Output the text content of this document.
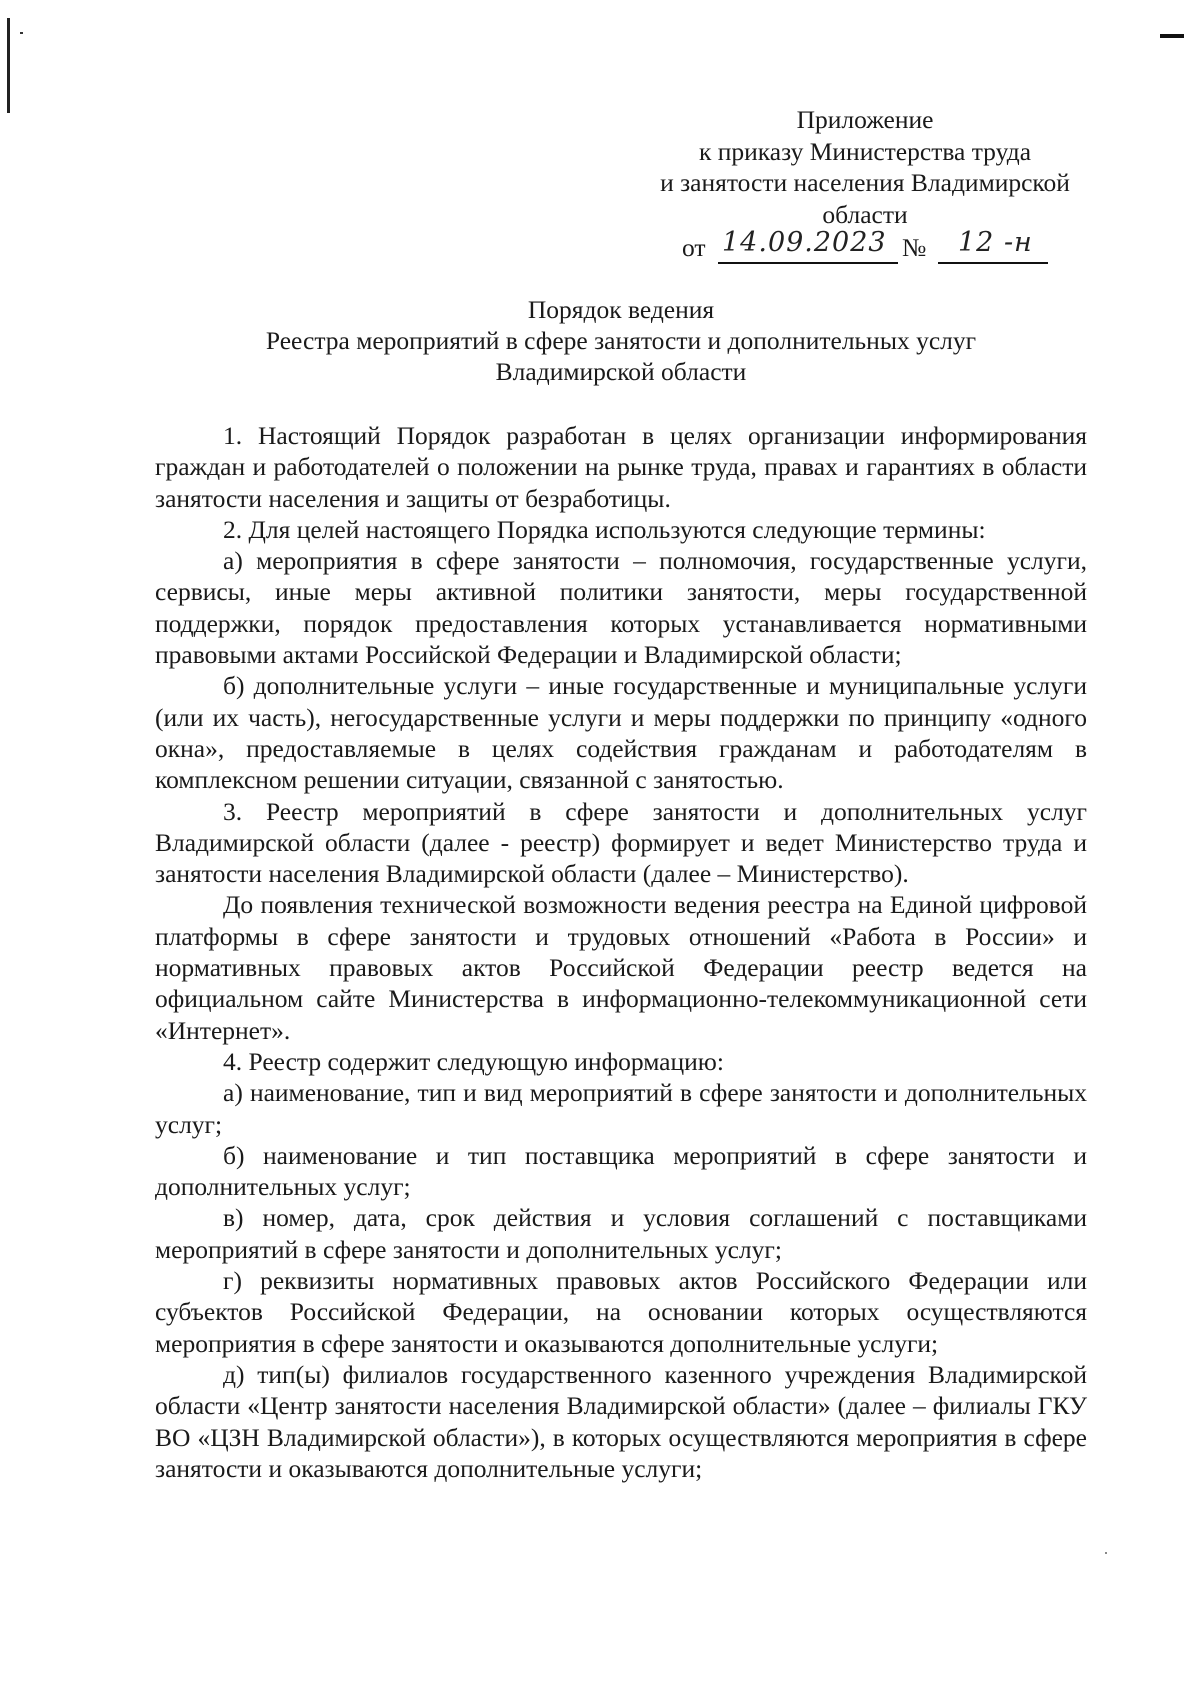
Приложение

к приказу Министерства труда

и занятости населения Владимирской

области

от 14.09.2023 № 12 -н

Порядок ведения

Реестра мероприятий в сфере занятости и дополнительных услуг

Владимирской области

1. Настоящий Порядок разработан в целях организации информирования граждан и работодателей о положении на рынке труда, правах и гарантиях в области занятости населения и защиты от безработицы.

2. Для целей настоящего Порядка используются следующие термины:

а) мероприятия в сфере занятости – полномочия, государственные услуги, сервисы, иные меры активной политики занятости, меры государственной поддержки, порядок предоставления которых устанавливается нормативными правовыми актами Российской Федерации и Владимирской области;

б) дополнительные услуги – иные государственные и муниципальные услуги (или их часть), негосударственные услуги и меры поддержки по принципу «одного окна», предоставляемые в целях содействия гражданам и работодателям в комплексном решении ситуации, связанной с занятостью.

3. Реестр мероприятий в сфере занятости и дополнительных услуг Владимирской области (далее - реестр) формирует и ведет Министерство труда и занятости населения Владимирской области (далее – Министерство).

До появления технической возможности ведения реестра на Единой цифровой платформы в сфере занятости и трудовых отношений «Работа в России» и нормативных правовых актов Российской Федерации реестр ведется на официальном сайте Министерства в информационно-телекоммуникационной сети «Интернет».

4. Реестр содержит следующую информацию:

а) наименование, тип и вид мероприятий в сфере занятости и дополнительных услуг;

б) наименование и тип поставщика мероприятий в сфере занятости и дополнительных услуг;

в) номер, дата, срок действия и условия соглашений с поставщиками мероприятий в сфере занятости и дополнительных услуг;

г) реквизиты нормативных правовых актов Российского Федерации или субъектов Российской Федерации, на основании которых осуществляются мероприятия в сфере занятости и оказываются дополнительные услуги;

д) тип(ы) филиалов государственного казенного учреждения Владимирской области «Центр занятости населения Владимирской области» (далее – филиалы ГКУ ВО «ЦЗН Владимирской области»), в которых осуществляются мероприятия в сфере занятости и оказываются дополнительные услуги;
